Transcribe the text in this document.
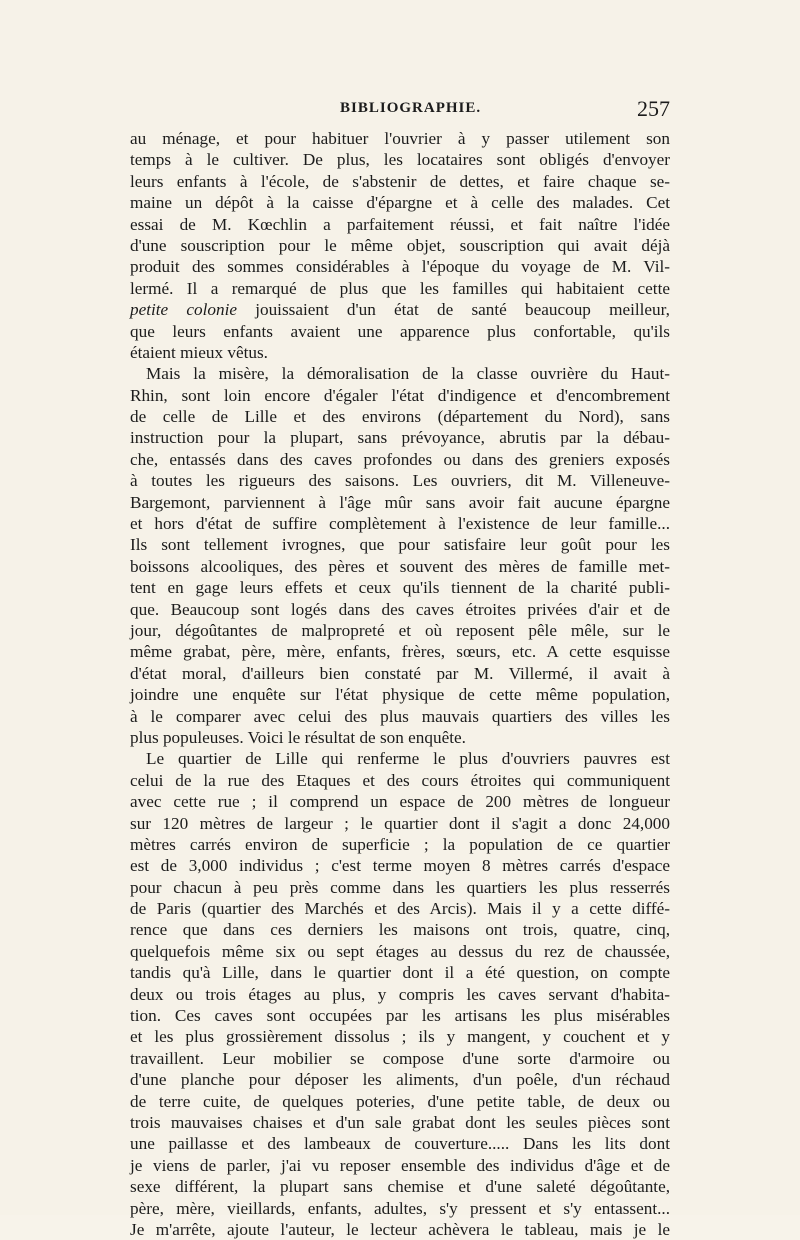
BIBLIOGRAPHIE.	257
au ménage, et pour habituer l'ouvrier à y passer utilement son
temps à le cultiver. De plus, les locataires sont obligés d'envoyer
leurs enfants à l'école, de s'abstenir de dettes, et faire chaque se-
maine un dépôt à la caisse d'épargne et à celle des malades. Cet
essai de M. Kœchlin a parfaitement réussi, et fait naître l'idée
d'une souscription pour le même objet, souscription qui avait déjà
produit des sommes considérables à l'époque du voyage de M. Vil-
lermé. Il a remarqué de plus que les familles qui habitaient cette
petite colonie jouissaient d'un état de santé beaucoup meilleur,
que leurs enfants avaient une apparence plus confortable, qu'ils
étaient mieux vêtus.
Mais la misère, la démoralisation de la classe ouvrière du Haut-
Rhin, sont loin encore d'égaler l'état d'indigence et d'encombrement
de celle de Lille et des environs (département du Nord), sans
instruction pour la plupart, sans prévoyance, abrutis par la débau-
che, entassés dans des caves profondes ou dans des greniers exposés
à toutes les rigueurs des saisons. Les ouvriers, dit M. Villeneuve-
Bargemont, parviennent à l'âge mûr sans avoir fait aucune épargne
et hors d'état de suffire complètement à l'existence de leur famille...
Ils sont tellement ivrognes, que pour satisfaire leur goût pour les
boissons alcooliques, des pères et souvent des mères de famille met-
tent en gage leurs effets et ceux qu'ils tiennent de la charité publi-
que. Beaucoup sont logés dans des caves étroites privées d'air et de
jour, dégoûtantes de malpropreté et où reposent pêle mêle, sur le
même grabat, père, mère, enfants, frères, sœurs, etc. A cette esquisse
d'état moral, d'ailleurs bien constaté par M. Villermé, il avait à
joindre une enquête sur l'état physique de cette même population,
à le comparer avec celui des plus mauvais quartiers des villes les
plus populeuses. Voici le résultat de son enquête.
Le quartier de Lille qui renferme le plus d'ouvriers pauvres est
celui de la rue des Etaques et des cours étroites qui communiquent
avec cette rue ; il comprend un espace de 200 mètres de longueur
sur 120 mètres de largeur ; le quartier dont il s'agit a donc 24,000
mètres carrés environ de superficie ; la population de ce quartier
est de 3,000 individus ; c'est terme moyen 8 mètres carrés d'espace
pour chacun à peu près comme dans les quartiers les plus resserrés
de Paris (quartier des Marchés et des Arcis). Mais il y a cette diffé-
rence que dans ces derniers les maisons ont trois, quatre, cinq,
quelquefois même six ou sept étages au dessus du rez de chaussée,
tandis qu'à Lille, dans le quartier dont il a été question, on compte
deux ou trois étages au plus, y compris les caves servant d'habita-
tion. Ces caves sont occupées par les artisans les plus misérables
et les plus grossièrement dissolus ; ils y mangent, y couchent et y
travaillent. Leur mobilier se compose d'une sorte d'armoire ou
d'une planche pour déposer les aliments, d'un poêle, d'un réchaud
de terre cuite, de quelques poteries, d'une petite table, de deux ou
trois mauvaises chaises et d'un sale grabat dont les seules pièces sont
une paillasse et des lambeaux de couverture..... Dans les lits dont
je viens de parler, j'ai vu reposer ensemble des individus d'âge et de
sexe différent, la plupart sans chemise et d'une saleté dégoûtante,
père, mère, vieillards, enfants, adultes, s'y pressent et s'y entassent...
Je m'arrête, ajoute l'auteur, le lecteur achèvera le tableau, mais je le
